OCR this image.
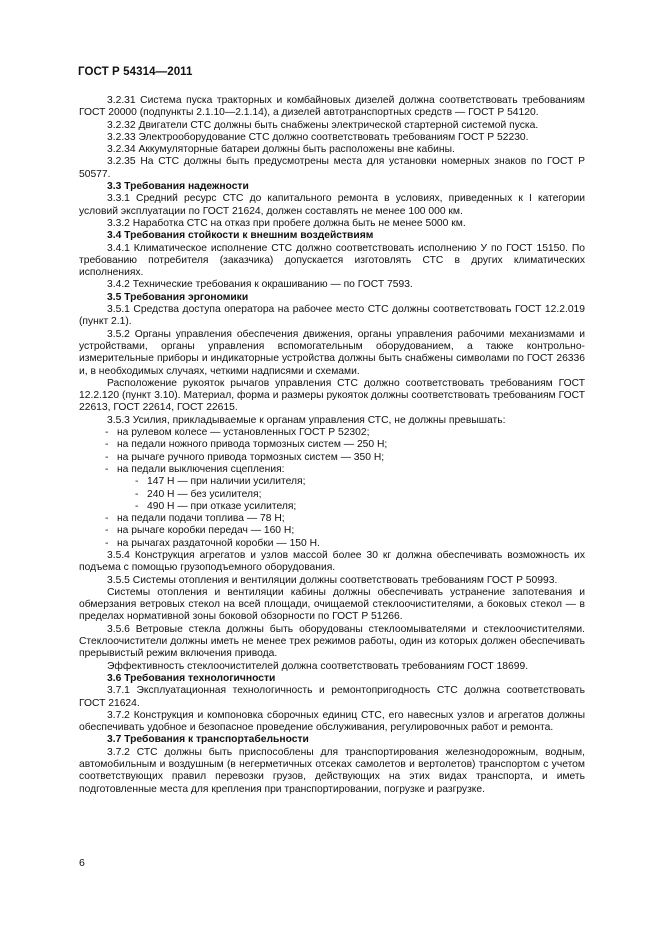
ГОСТ Р 54314—2011

3.2.31 Система пуска тракторных и комбайновых дизелей должна соответствовать требованиям ГОСТ 20000 (подпункты 2.1.10—2.1.14), а дизелей автотранспортных средств — ГОСТ Р 54120.

3.2.32 Двигатели СТС должны быть снабжены электрической стартерной системой пуска.

3.2.33 Электрооборудование СТС должно соответствовать требованиям ГОСТ Р 52230.

3.2.34 Аккумуляторные батареи должны быть расположены вне кабины.

3.2.35 На СТС должны быть предусмотрены места для установки номерных знаков по ГОСТ Р 50577.

3.3 Требования надежности

3.3.1 Средний ресурс СТС до капитального ремонта в условиях, приведенных к I категории условий эксплуатации по ГОСТ 21624, должен составлять не менее 100 000 км.

3.3.2 Наработка СТС на отказ при пробеге должна быть не менее 5000 км.

3.4 Требования стойкости к внешним воздействиям

3.4.1 Климатическое исполнение СТС должно соответствовать исполнению У по ГОСТ 15150. По требованию потребителя (заказчика) допускается изготовлять СТС в других климатических исполнениях.

3.4.2 Технические требования к окрашиванию — по ГОСТ 7593.

3.5 Требования эргономики

3.5.1 Средства доступа оператора на рабочее место СТС должны соответствовать ГОСТ 12.2.019 (пункт 2.1).

3.5.2 Органы управления обеспечения движения, органы управления рабочими механизмами и устройствами, органы управления вспомогательным оборудованием, а также контрольно-измерительные приборы и индикаторные устройства должны быть снабжены символами по ГОСТ 26336 и, в необходимых случаях, четкими надписями и схемами.

Расположение рукояток рычагов управления СТС должно соответствовать требованиям ГОСТ 12.2.120 (пункт 3.10). Материал, форма и размеры рукояток должны соответствовать требованиям ГОСТ 22613, ГОСТ 22614, ГОСТ 22615.

3.5.3 Усилия, прикладываемые к органам управления СТС, не должны превышать:

- на рулевом колесе — установленных ГОСТ Р 52302;

- на педали ножного привода тормозных систем — 250 Н;

- на рычаге ручного привода тормозных систем — 350 Н;

- на педали выключения сцепления:

- 147 Н — при наличии усилителя;

- 240 Н — без усилителя;

- 490 Н — при отказе усилителя;

- на педали подачи топлива — 78 Н;

- на рычаге коробки передач — 160 Н;

- на рычагах раздаточной коробки — 150 Н.

3.5.4 Конструкция агрегатов и узлов массой более 30 кг должна обеспечивать возможность их подъема с помощью грузоподъемного оборудования.

3.5.5 Системы отопления и вентиляции должны соответствовать требованиям ГОСТ Р 50993.

Системы отопления и вентиляции кабины должны обеспечивать устранение запотевания и обмерзания ветровых стекол на всей площади, очищаемой стеклоочистителями, а боковых стекол — в пределах нормативной зоны боковой обзорности по ГОСТ Р 51266.

3.5.6 Ветровые стекла должны быть оборудованы стеклоомывателями и стеклоочистителями. Стеклоочистители должны иметь не менее трех режимов работы, один из которых должен обеспечивать прерывистый режим включения привода.

Эффективность стеклоочистителей должна соответствовать требованиям ГОСТ 18699.

3.6 Требования технологичности

3.7.1 Эксплуатационная технологичность и ремонтопригодность СТС должна соответствовать ГОСТ 21624.

3.7.2 Конструкция и компоновка сборочных единиц СТС, его навесных узлов и агрегатов должны обеспечивать удобное и безопасное проведение обслуживания, регулировочных работ и ремонта.

3.7 Требования к транспортабельности

3.7.2 СТС должны быть приспособлены для транспортирования железнодорожным, водным, автомобильным и воздушным (в негерметичных отсеках самолетов и вертолетов) транспортом с учетом соответствующих правил перевозки грузов, действующих на этих видах транспорта, и иметь подготовленные места для крепления при транспортировании, погрузке и разгрузке.

6
